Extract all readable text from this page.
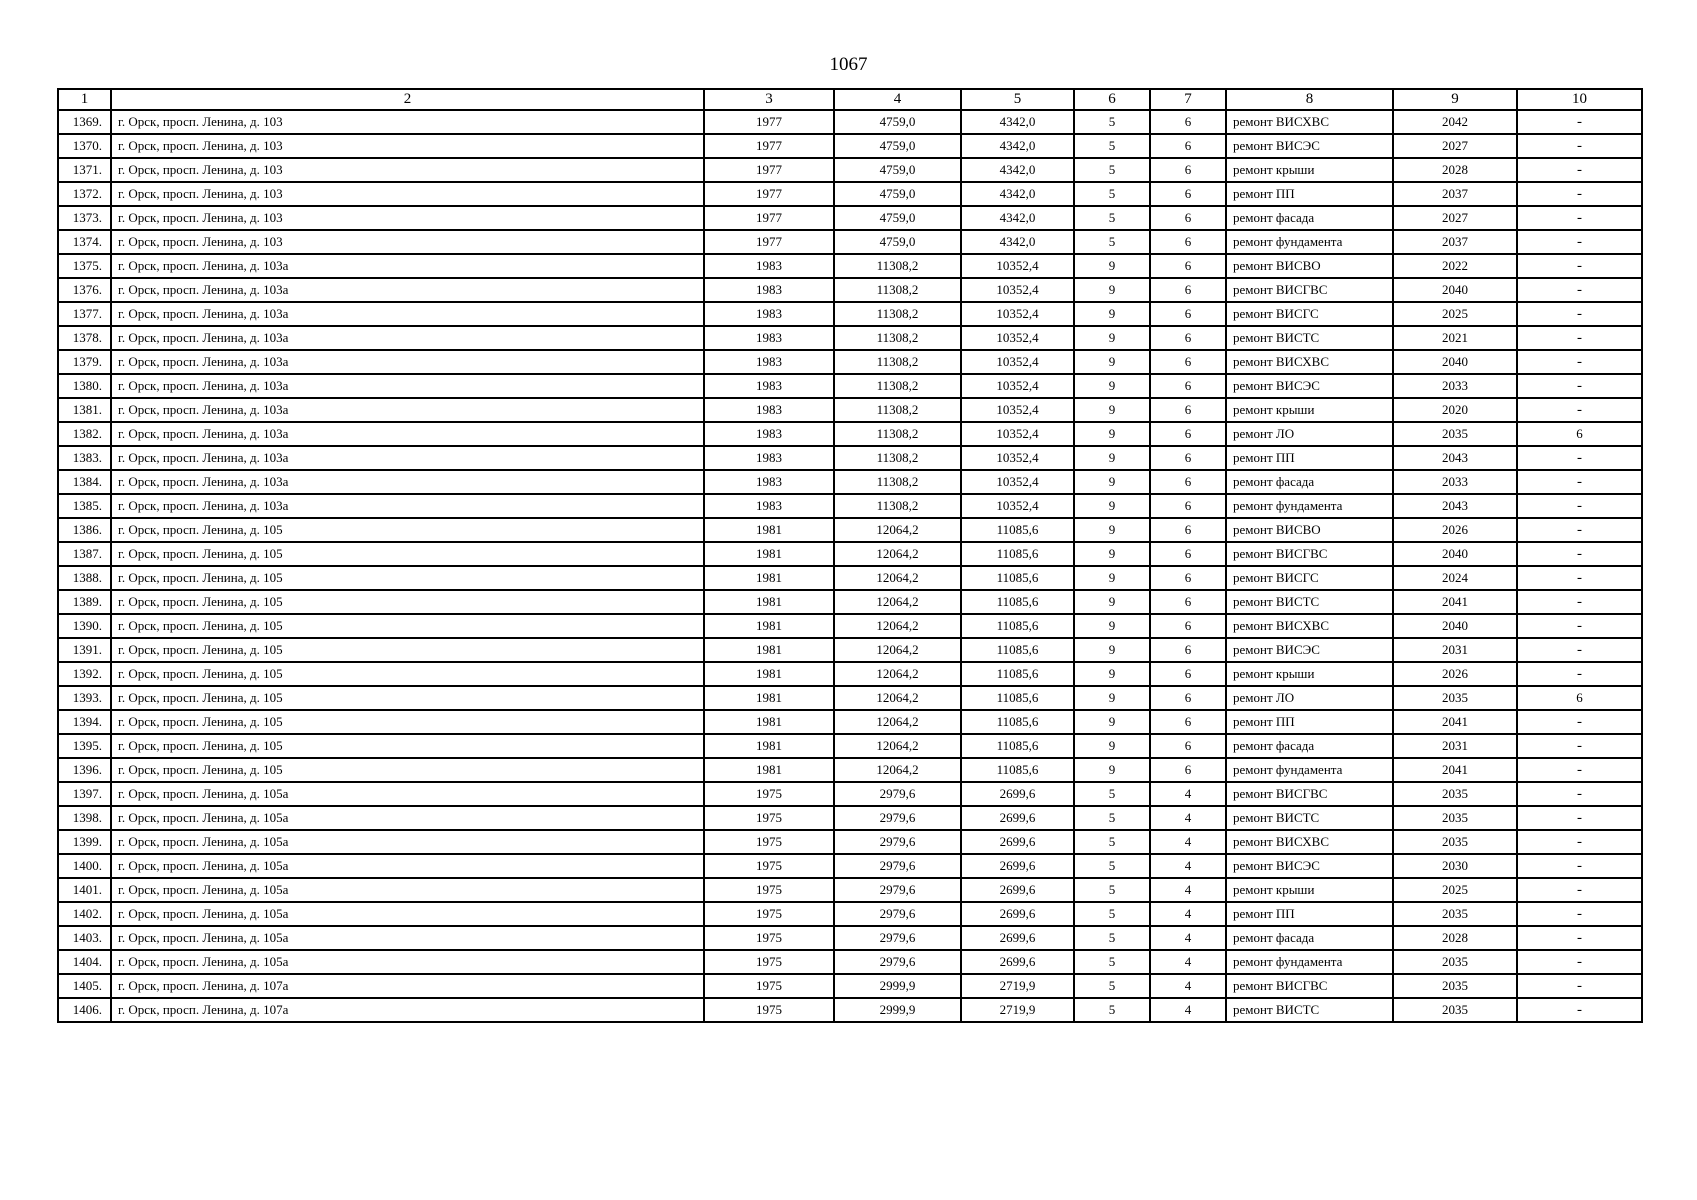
1067
1	2	3	4	5	6	7	8	9	10
1369.	г. Орск, просп. Ленина, д. 103	1977	4759,0	4342,0	5	6	ремонт ВИСХВС	2042	-
1370.	г. Орск, просп. Ленина, д. 103	1977	4759,0	4342,0	5	6	ремонт ВИСЭС	2027	-
1371.	г. Орск, просп. Ленина, д. 103	1977	4759,0	4342,0	5	6	ремонт крыши	2028	-
1372.	г. Орск, просп. Ленина, д. 103	1977	4759,0	4342,0	5	6	ремонт ПП	2037	-
1373.	г. Орск, просп. Ленина, д. 103	1977	4759,0	4342,0	5	6	ремонт фасада	2027	-
1374.	г. Орск, просп. Ленина, д. 103	1977	4759,0	4342,0	5	6	ремонт фундамента	2037	-
1375.	г. Орск, просп. Ленина, д. 103а	1983	11308,2	10352,4	9	6	ремонт ВИСВО	2022	-
1376.	г. Орск, просп. Ленина, д. 103а	1983	11308,2	10352,4	9	6	ремонт ВИСГВС	2040	-
1377.	г. Орск, просп. Ленина, д. 103а	1983	11308,2	10352,4	9	6	ремонт ВИСГС	2025	-
1378.	г. Орск, просп. Ленина, д. 103а	1983	11308,2	10352,4	9	6	ремонт ВИСТС	2021	-
1379.	г. Орск, просп. Ленина, д. 103а	1983	11308,2	10352,4	9	6	ремонт ВИСХВС	2040	-
1380.	г. Орск, просп. Ленина, д. 103а	1983	11308,2	10352,4	9	6	ремонт ВИСЭС	2033	-
1381.	г. Орск, просп. Ленина, д. 103а	1983	11308,2	10352,4	9	6	ремонт крыши	2020	-
1382.	г. Орск, просп. Ленина, д. 103а	1983	11308,2	10352,4	9	6	ремонт ЛО	2035	6
1383.	г. Орск, просп. Ленина, д. 103а	1983	11308,2	10352,4	9	6	ремонт ПП	2043	-
1384.	г. Орск, просп. Ленина, д. 103а	1983	11308,2	10352,4	9	6	ремонт фасада	2033	-
1385.	г. Орск, просп. Ленина, д. 103а	1983	11308,2	10352,4	9	6	ремонт фундамента	2043	-
1386.	г. Орск, просп. Ленина, д. 105	1981	12064,2	11085,6	9	6	ремонт ВИСВО	2026	-
1387.	г. Орск, просп. Ленина, д. 105	1981	12064,2	11085,6	9	6	ремонт ВИСГВС	2040	-
1388.	г. Орск, просп. Ленина, д. 105	1981	12064,2	11085,6	9	6	ремонт ВИСГС	2024	-
1389.	г. Орск, просп. Ленина, д. 105	1981	12064,2	11085,6	9	6	ремонт ВИСТС	2041	-
1390.	г. Орск, просп. Ленина, д. 105	1981	12064,2	11085,6	9	6	ремонт ВИСХВС	2040	-
1391.	г. Орск, просп. Ленина, д. 105	1981	12064,2	11085,6	9	6	ремонт ВИСЭС	2031	-
1392.	г. Орск, просп. Ленина, д. 105	1981	12064,2	11085,6	9	6	ремонт крыши	2026	-
1393.	г. Орск, просп. Ленина, д. 105	1981	12064,2	11085,6	9	6	ремонт ЛО	2035	6
1394.	г. Орск, просп. Ленина, д. 105	1981	12064,2	11085,6	9	6	ремонт ПП	2041	-
1395.	г. Орск, просп. Ленина, д. 105	1981	12064,2	11085,6	9	6	ремонт фасада	2031	-
1396.	г. Орск, просп. Ленина, д. 105	1981	12064,2	11085,6	9	6	ремонт фундамента	2041	-
1397.	г. Орск, просп. Ленина, д. 105а	1975	2979,6	2699,6	5	4	ремонт ВИСГВС	2035	-
1398.	г. Орск, просп. Ленина, д. 105а	1975	2979,6	2699,6	5	4	ремонт ВИСТС	2035	-
1399.	г. Орск, просп. Ленина, д. 105а	1975	2979,6	2699,6	5	4	ремонт ВИСХВС	2035	-
1400.	г. Орск, просп. Ленина, д. 105а	1975	2979,6	2699,6	5	4	ремонт ВИСЭС	2030	-
1401.	г. Орск, просп. Ленина, д. 105а	1975	2979,6	2699,6	5	4	ремонт крыши	2025	-
1402.	г. Орск, просп. Ленина, д. 105а	1975	2979,6	2699,6	5	4	ремонт ПП	2035	-
1403.	г. Орск, просп. Ленина, д. 105а	1975	2979,6	2699,6	5	4	ремонт фасада	2028	-
1404.	г. Орск, просп. Ленина, д. 105а	1975	2979,6	2699,6	5	4	ремонт фундамента	2035	-
1405.	г. Орск, просп. Ленина, д. 107а	1975	2999,9	2719,9	5	4	ремонт ВИСГВС	2035	-
1406.	г. Орск, просп. Ленина, д. 107а	1975	2999,9	2719,9	5	4	ремонт ВИСТС	2035	-
